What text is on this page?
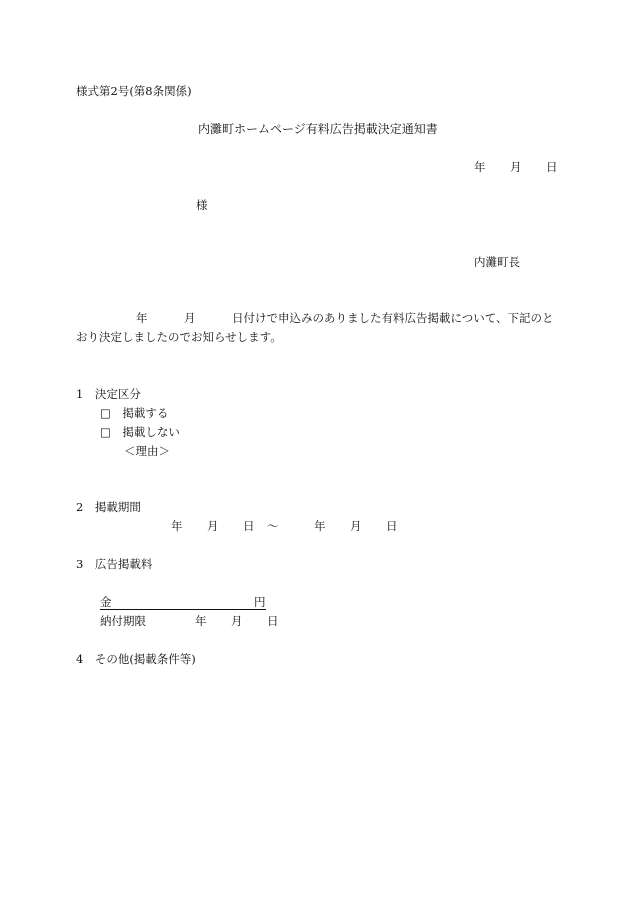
様式第2号(第8条関係)
内灘町ホームページ有料広告掲載決定通知書
年 月 日
様
内灘町長
年	月	日付けで申込みのありました有料広告掲載について、下記のと
おり決定しましたのでお知らせします。
1　決定区分
□　掲載する
□　掲載しない
＜理由＞
2　掲載期間
年 月 日 〜	年 月 日
3　広告掲載料
金	円
納付期限	年 月 日
4　その他(掲載条件等)
